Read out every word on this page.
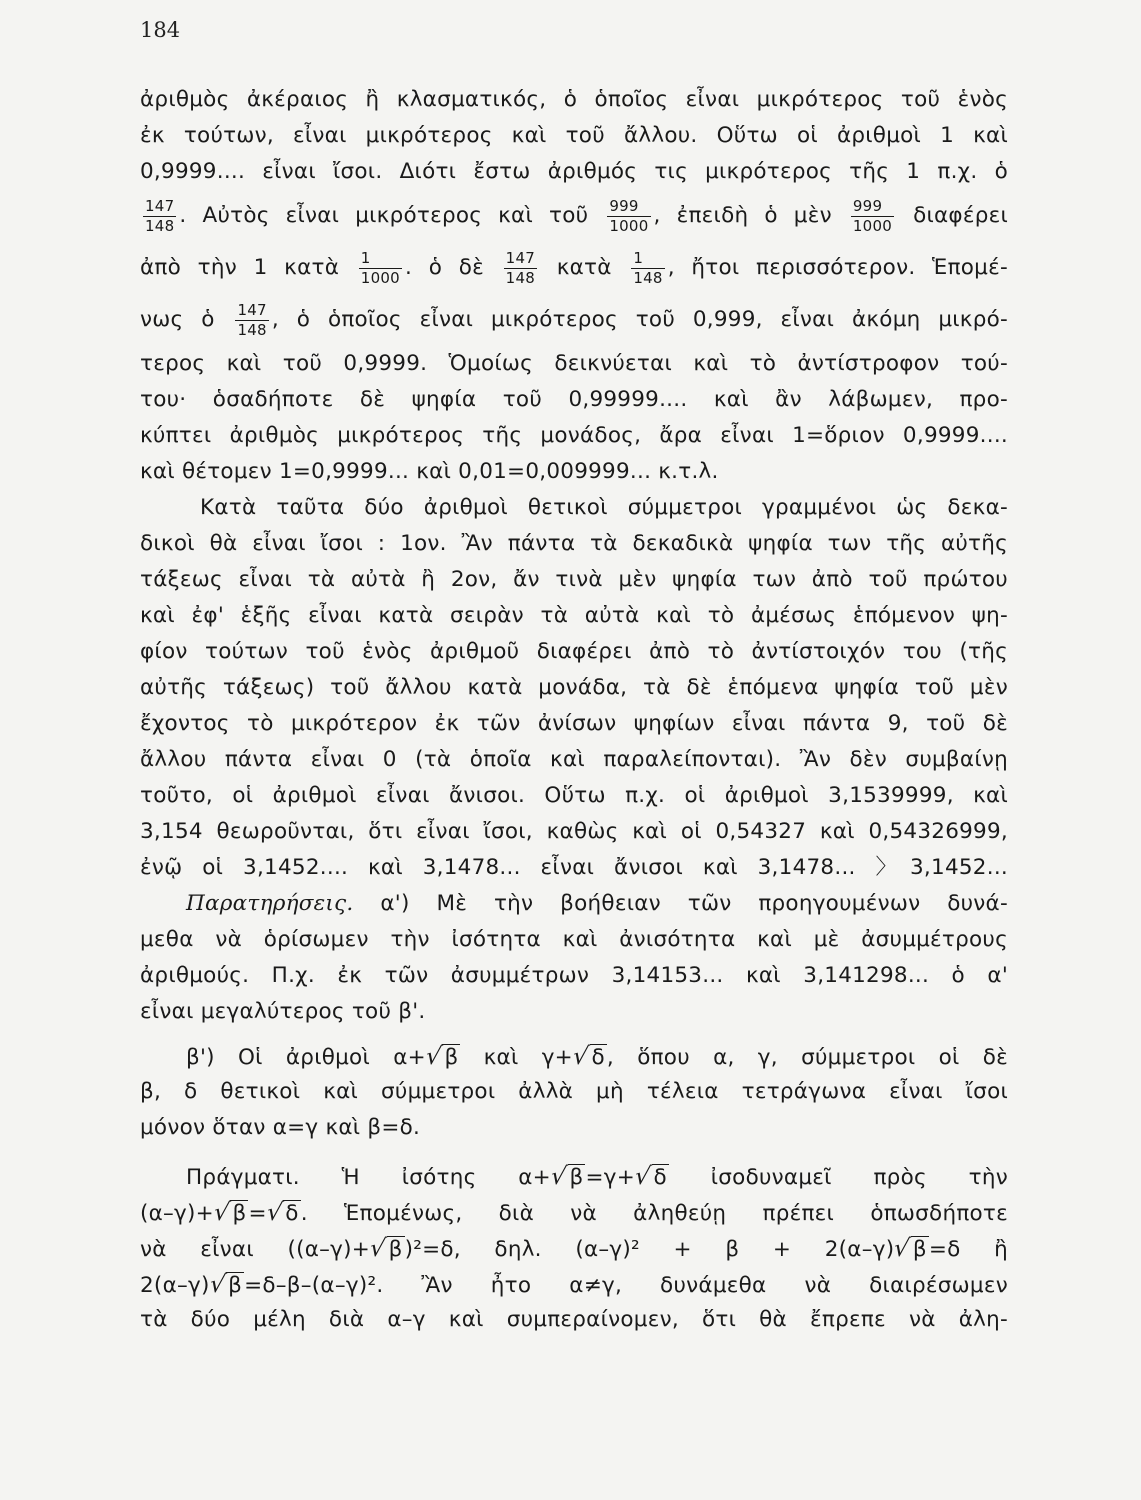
184
ἀριθμὸς ἀκέραιος ἢ κλασματικός, ὁ ὁποῖος εἶναι μικρότερος τοῦ ἑνὸς
ἐκ τούτων, εἶναι μικρότερος καὶ τοῦ ἄλλου. Οὕτω οἱ ἀριθμοὶ 1 καὶ
0,9999.... εἶναι ἴσοι. Διότι ἔστω ἀριθμός τις μικρότερος τῆς 1 π.χ. ὁ
$\frac{147}{148}$ . Αὐτὸς εἶναι μικρότερος καὶ τοῦ $\frac{999}{1000}$ , ἐπειδὴ ὁ μὲν $\frac{999}{1000}$ διαφέρει
ἀπὸ τὴν 1 κατὰ $\frac{1}{1000}$ . ὁ δὲ $\frac{147}{148}$ κατὰ $\frac{1}{148}$ , ἤτοι περισσότερον. Ἑπομέ-
νως ὁ $\frac{147}{148}$ , ὁ ὁποῖος εἶναι μικρότερος τοῦ 0,999, εἶναι ἀκόμη μικρό-
τερος καὶ τοῦ 0,9999. Ὁμοίως δεικνύεται καὶ τὸ ἀντίστροφον τού-
του· ὁσαδήποτε δὲ ψηφία τοῦ 0,99999.... καὶ ἂν λάβωμεν, προ-
κύπτει ἀριθμὸς μικρότερος τῆς μονάδος, ἄρα εἶναι 1=ὅριον 0,9999....
καὶ θέτομεν 1=0,9999... καὶ 0,01=0,009999... κ.τ.λ.
Κατὰ ταῦτα δύο ἀριθμοὶ θετικοὶ σύμμετροι γραμμένοι ὡς δεκα-
δικοὶ θὰ εἶναι ἴσοι : 1ον. Ἂν πάντα τὰ δεκαδικὰ ψηφία των τῆς αὐτῆς
τάξεως εἶναι τὰ αὐτὰ ἢ 2ον, ἄν τινὰ μὲν ψηφία των ἀπὸ τοῦ πρώτου
καὶ ἐφ' ἑξῆς εἶναι κατὰ σειρὰν τὰ αὐτὰ καὶ τὸ ἀμέσως ἑπόμενον ψη-
φίον τούτων τοῦ ἑνὸς ἀριθμοῦ διαφέρει ἀπὸ τὸ ἀντίστοιχόν του (τῆς
αὐτῆς τάξεως) τοῦ ἄλλου κατὰ μονάδα, τὰ δὲ ἑπόμενα ψηφία τοῦ μὲν
ἔχοντος τὸ μικρότερον ἐκ τῶν ἀνίσων ψηφίων εἶναι πάντα 9, τοῦ δὲ
ἄλλου πάντα εἶναι 0 (τὰ ὁποῖα καὶ παραλείπονται). Ἂν δὲν συμβαίνῃ
τοῦτο, οἱ ἀριθμοὶ εἶναι ἄνισοι. Οὕτω π.χ. οἱ ἀριθμοὶ 3,1539999, καὶ
3,154 θεωροῦνται, ὅτι εἶναι ἴσοι, καθὼς καὶ οἱ 0,54327 καὶ 0,54326999,
ἐνῷ οἱ 3,1452.... καὶ 3,1478... εἶναι ἄνισοι καὶ 3,1478... 〉3,1452...
Παρατηρήσεις. α') Μὲ τὴν βοήθειαν τῶν προηγουμένων δυνά-
μεθα νὰ ὁρίσωμεν τὴν ἰσότητα καὶ ἀνισότητα καὶ μὲ ἀσυμμέτρους
ἀριθμούς. Π.χ. ἐκ τῶν ἀσυμμέτρων 3,14153... καὶ 3,141298... ὁ α'
εἶναι μεγαλύτερος τοῦ β'.
β') Οἱ ἀριθμοὶ α+√β καὶ γ+√δ, ὅπου α, γ, σύμμετροι οἱ δὲ
β, δ θετικοὶ καὶ σύμμετροι ἀλλὰ μὴ τέλεια τετράγωνα εἶναι ἴσοι
μόνον ὅταν α=γ καὶ β=δ.
Πράγματι. Ἡ ἰσότης α+√β=γ+√δ ἰσοδυναμεῖ πρὸς τὴν
(α–γ)+√β=√δ. Ἑπομένως, διὰ νὰ ἀληθεύῃ πρέπει ὁπωσδήποτε
νὰ εἶναι ((α–γ)+√β)²=δ, δηλ. (α–γ)² + β + 2(α–γ)√β=δ ἢ
2(α–γ)√β=δ–β–(α–γ)². Ἂν ἦτο α≠γ, δυνάμεθα νὰ διαιρέσωμεν
τὰ δύο μέλη διὰ α–γ καὶ συμπεραίνομεν, ὅτι θὰ ἔπρεπε νὰ ἀλη-
